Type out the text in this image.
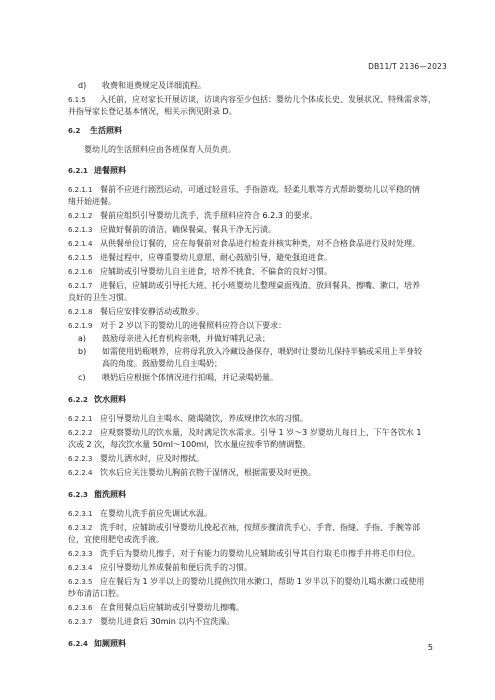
DB11/T 2136—2023
5
d) 收费和退费规定及详细流程。
6.1.5 入托前，应对家长开展访谈，访谈内容至少包括：婴幼儿个体成长史、发展状况、特殊需求等，
并指导家长登记基本情况，相关示例见附录 D。
6.2 生活照料
婴幼儿的生活照料应由各班保育人员负责。
6.2.1 进餐照料
6.2.1.1 餐前不应进行剧烈运动，可通过轻音乐、手指游戏、轻柔儿歌等方式帮助婴幼儿以平稳的情
绪开始进餐。
6.2.1.2 餐前应组织引导婴幼儿洗手，洗手照料应符合 6.2.3 的要求。
6.2.1.3 应做好餐前的清洁，确保餐桌、餐具干净无污渍。
6.2.1.4 从供餐单位订餐的，应在每餐前对食品进行检查并核实种类，对不合格食品进行及时处理。
6.2.1.5 进餐过程中，应尊重婴幼儿意愿，耐心鼓励引导，避免强迫进食。
6.2.1.6 应辅助或引导婴幼儿自主进食，培养不挑食、不偏食的良好习惯。
6.2.1.7 进餐后，应辅助或引导托大班、托小班婴幼儿整理桌面残渣、放回餐具、擦嘴、漱口，培养
良好的卫生习惯。
6.2.1.8 餐后应安排安静活动或散步。
6.2.1.9 对于 2 岁以下的婴幼儿的进餐照料应符合以下要求：
a) 鼓励母亲进入托育机构亲喂，并做好哺乳记录；
b) 如需使用奶瓶喂养，应将母乳放入冷藏设备保存，喂奶时让婴幼儿保持半躺或采用上半身较
高的角度。鼓励婴幼儿自主喝奶；
c) 喂奶后应根据个体情况进行拍嗝，并记录喝奶量。
6.2.2 饮水照料
6.2.2.1 应引导婴幼儿自主喝水、随渴随饮，养成规律饮水的习惯。
6.2.2.2 应观察婴幼儿的饮水量，及时满足饮水需求。引导 1 岁～3 岁婴幼儿每日上、下午各饮水 1
次或 2 次，每次饮水量 50ml～100ml，饮水量应按季节酌情调整。
6.2.2.3 婴幼儿洒水时，应及时擦拭。
6.2.2.4 饮水后应关注婴幼儿胸前衣物干湿情况，根据需要及时更换。
6.2.3 盥洗照料
6.2.3.1 在婴幼儿洗手前应先调试水温。
6.2.3.2 洗手时，应辅助或引导婴幼儿挽起衣袖，按照步骤清洗手心、手背、指缝、手指、手腕等部
位，宜使用肥皂或洗手液。
6.2.3.3 洗手后为婴幼儿擦手，对于有能力的婴幼儿应辅助或引导其自行取毛巾擦手并将毛巾归位。
6.2.3.4 应引导婴幼儿养成餐前和便后洗手的习惯。
6.2.3.5 应在餐后为 1 岁半以上的婴幼儿提供饮用水漱口，帮助 1 岁半以下的婴幼儿喝水漱口或使用
纱布清洁口腔。
6.2.3.6 在食用餐点后应辅助或引导婴幼儿擦嘴。
6.2.3.7 婴幼儿进食后 30min 以内不宜洗澡。
6.2.4 如厕照料
